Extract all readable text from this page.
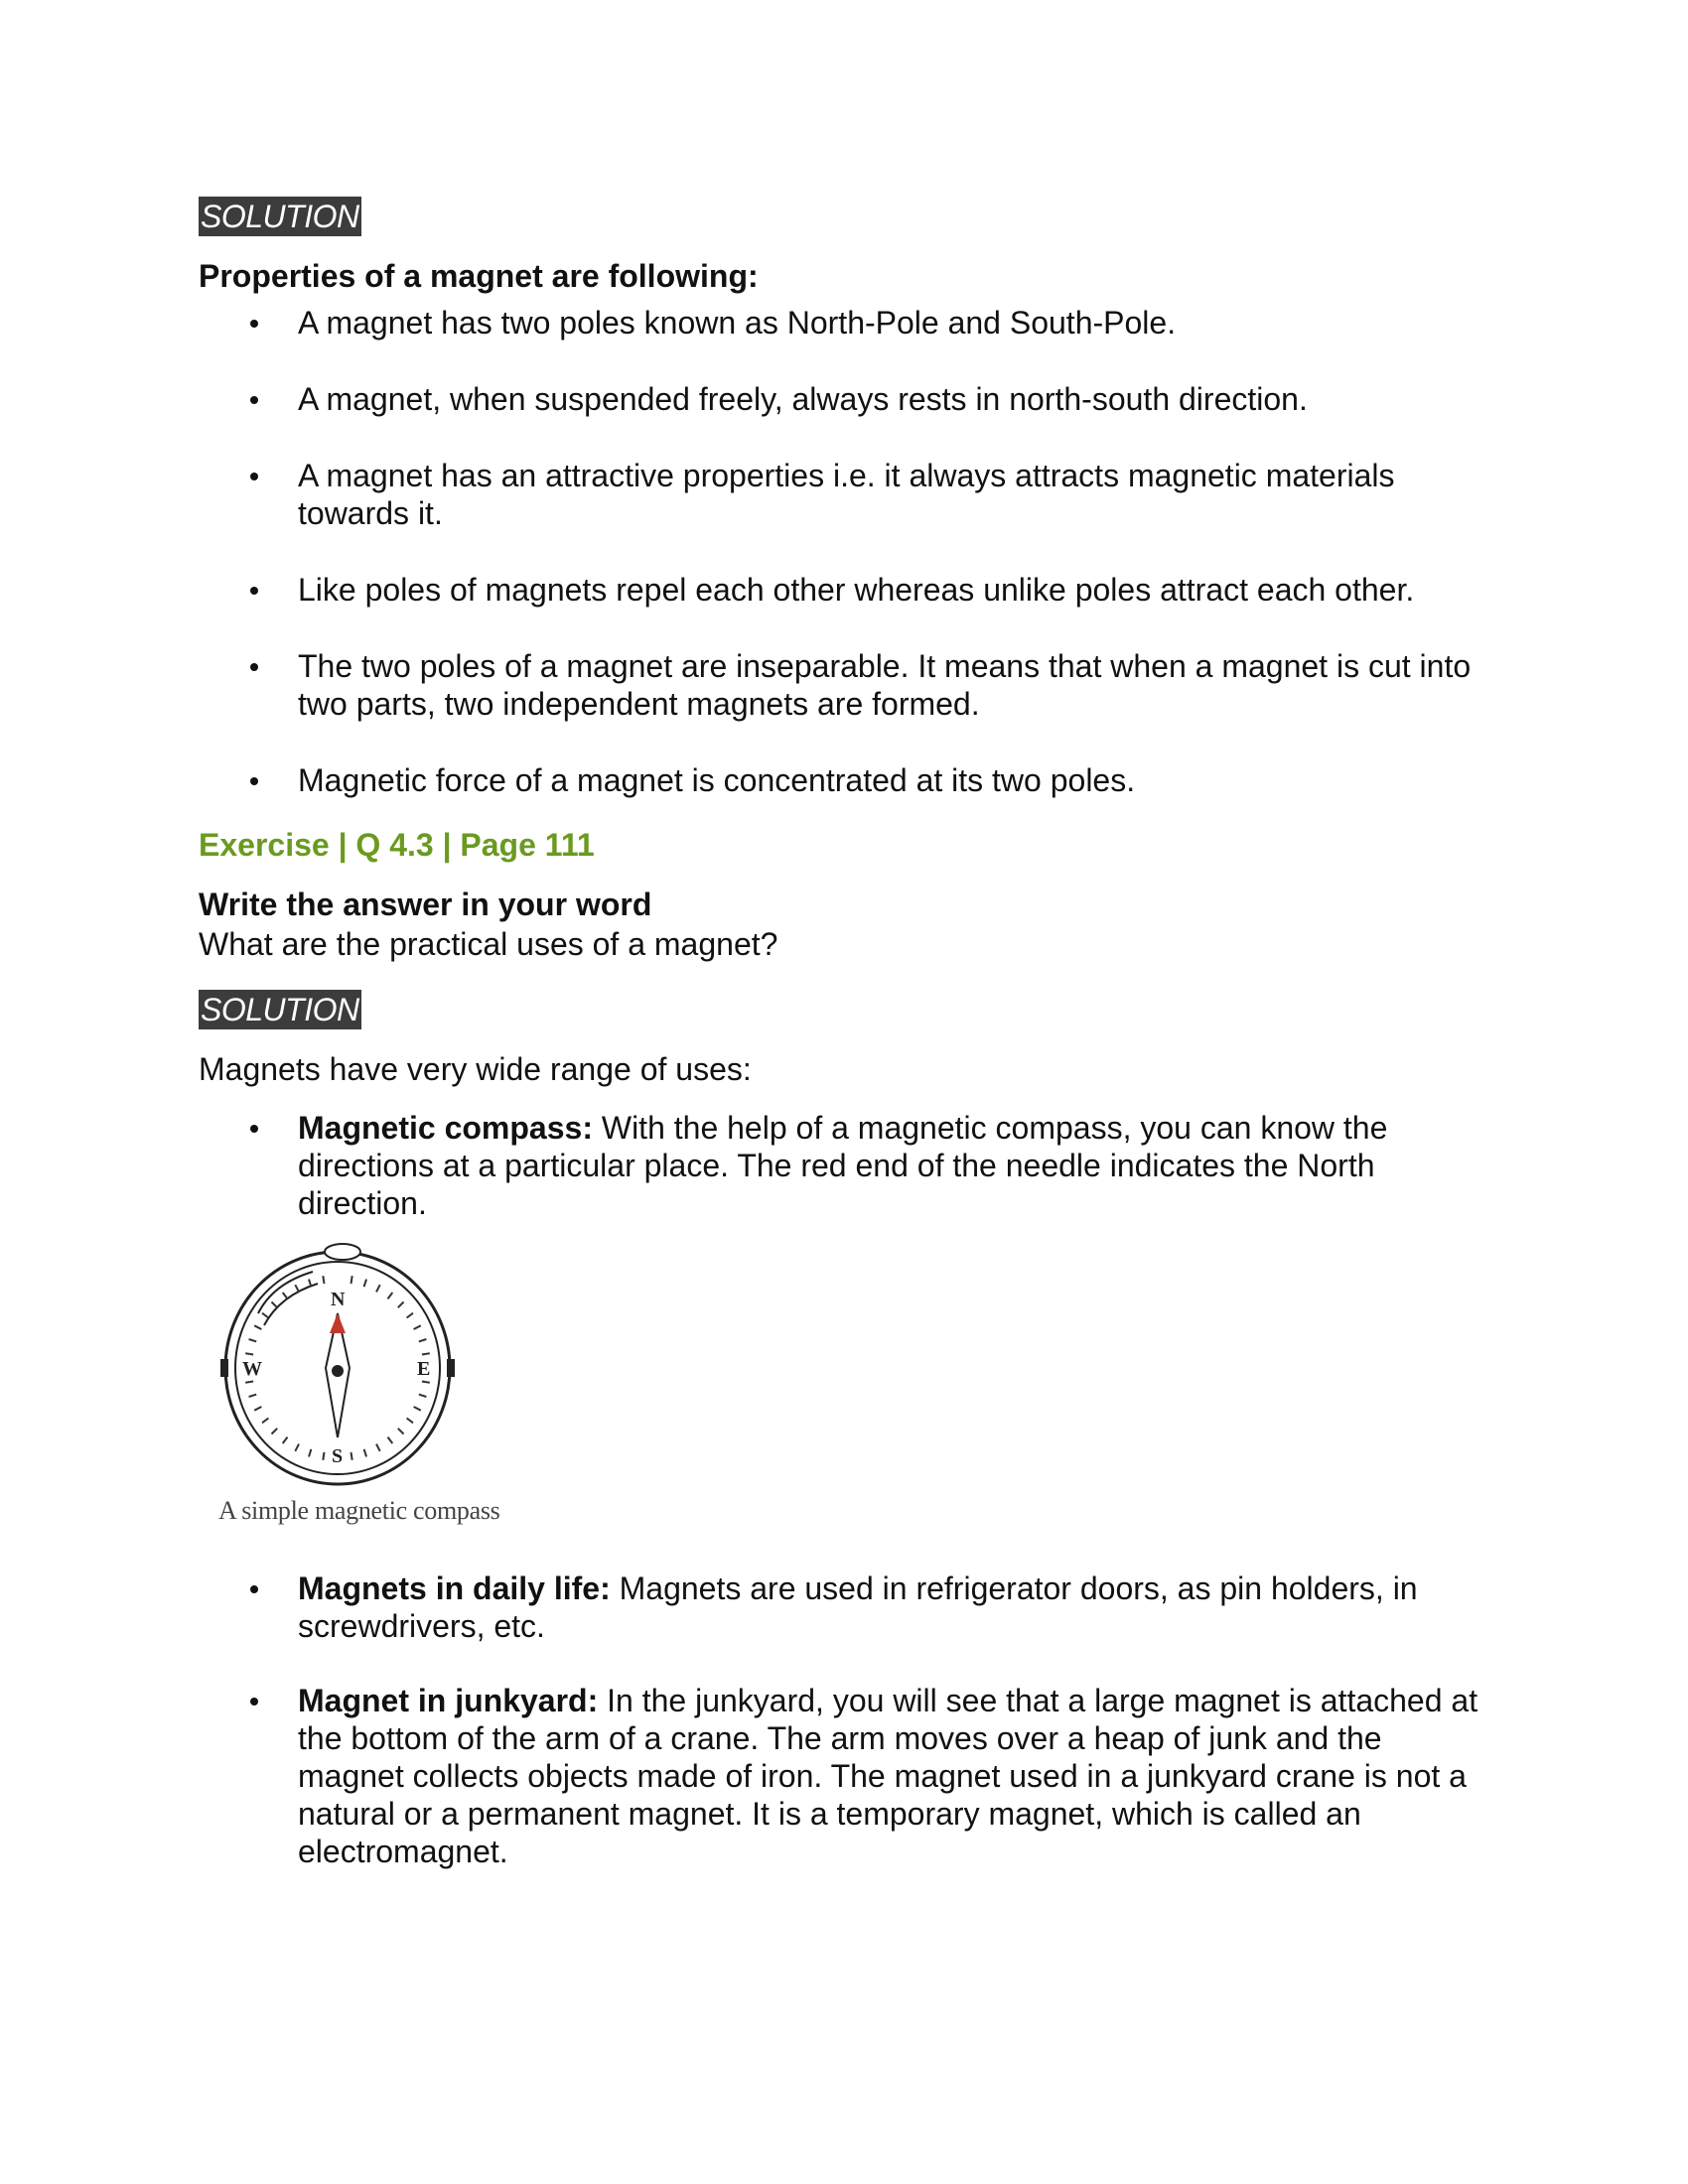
SOLUTION

Properties of a magnet are following:

A magnet has two poles known as North-Pole and South-Pole.
A magnet, when suspended freely, always rests in north-south direction.
A magnet has an attractive properties i.e. it always attracts magnetic materials towards it.
Like poles of magnets repel each other whereas unlike poles attract each other.
The two poles of a magnet are inseparable. It means that when a magnet is cut into two parts, two independent magnets are formed.
Magnetic force of a magnet is concentrated at its two poles.

Exercise | Q 4.3 | Page 111

Write the answer in your word

What are the practical uses of a magnet?

SOLUTION

Magnets have very wide range of uses:

Magnetic compass: With the help of a magnetic compass, you can know the directions at a particular place. The red end of the needle indicates the North direction.
N
S
E
W

A simple magnetic compass

Magnets in daily life: Magnets are used in refrigerator doors, as pin holders, in screwdrivers, etc.
Magnet in junkyard: In the junkyard, you will see that a large magnet is attached at the bottom of the arm of a crane. The arm moves over a heap of junk and the magnet collects objects made of iron. The magnet used in a junkyard crane is not a natural or a permanent magnet. It is a temporary magnet, which is called an electromagnet.
